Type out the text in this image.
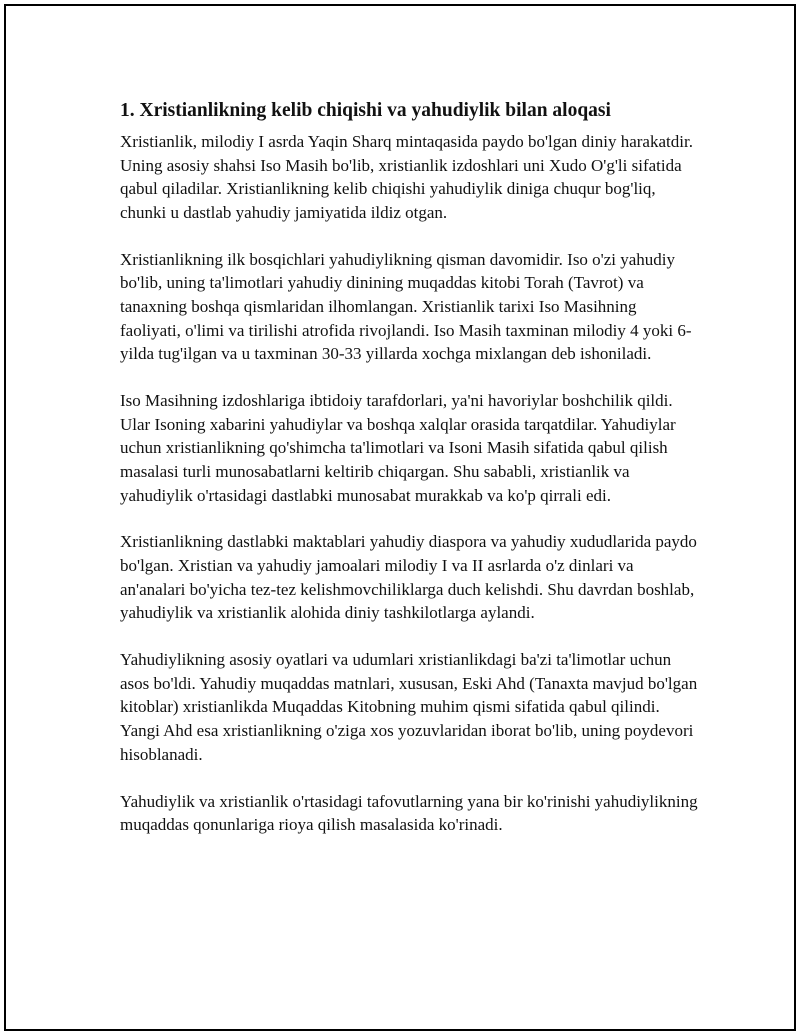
1. Xristianlikning kelib chiqishi va yahudiylik bilan aloqasi

Xristianlik, milodiy I asrda Yaqin Sharq mintaqasida paydo bo'lgan diniy harakatdir. Uning asosiy shahsi Iso Masih bo'lib, xristianlik izdoshlari uni Xudo O'g'li sifatida qabul qiladilar. Xristianlikning kelib chiqishi yahudiylik diniga chuqur bog'liq, chunki u dastlab yahudiy jamiyatida ildiz otgan.

Xristianlikning ilk bosqichlari yahudiylikning qisman davomidir. Iso o'zi yahudiy bo'lib, uning ta'limotlari yahudiy dinining muqaddas kitobi Torah (Tavrot) va tanaxning boshqa qismlaridan ilhomlangan. Xristianlik tarixi Iso Masihning faoliyati, o'limi va tirilishi atrofida rivojlandi. Iso Masih taxminan milodiy 4 yoki 6-yilda tug'ilgan va u taxminan 30-33 yillarda xochga mixlangan deb ishoniladi.

Iso Masihning izdoshlariga ibtidoiy tarafdorlari, ya'ni havoriylar boshchilik qildi. Ular Isoning xabarini yahudiylar va boshqa xalqlar orasida tarqatdilar. Yahudiylar uchun xristianlikning qo'shimcha ta'limotlari va Isoni Masih sifatida qabul qilish masalasi turli munosabatlarni keltirib chiqargan. Shu sababli, xristianlik va yahudiylik o'rtasidagi dastlabki munosabat murakkab va ko'p qirrali edi.

Xristianlikning dastlabki maktablari yahudiy diaspora va yahudiy xududlarida paydo bo'lgan. Xristian va yahudiy jamoalari milodiy I va II asrlarda o'z dinlari va an'analari bo'yicha tez-tez kelishmovchiliklarga duch kelishdi. Shu davrdan boshlab, yahudiylik va xristianlik alohida diniy tashkilotlarga aylandi.

Yahudiylikning asosiy oyatlari va udumlari xristianlikdagi ba'zi ta'limotlar uchun asos bo'ldi. Yahudiy muqaddas matnlari, xususan, Eski Ahd (Tanaxta mavjud bo'lgan kitoblar) xristianlikda Muqaddas Kitobning muhim qismi sifatida qabul qilindi. Yangi Ahd esa xristianlikning o'ziga xos yozuvlaridan iborat bo'lib, uning poydevori hisoblanadi.

Yahudiylik va xristianlik o'rtasidagi tafovutlarning yana bir ko'rinishi yahudiylikning muqaddas qonunlariga rioya qilish masalasida ko'rinadi.
